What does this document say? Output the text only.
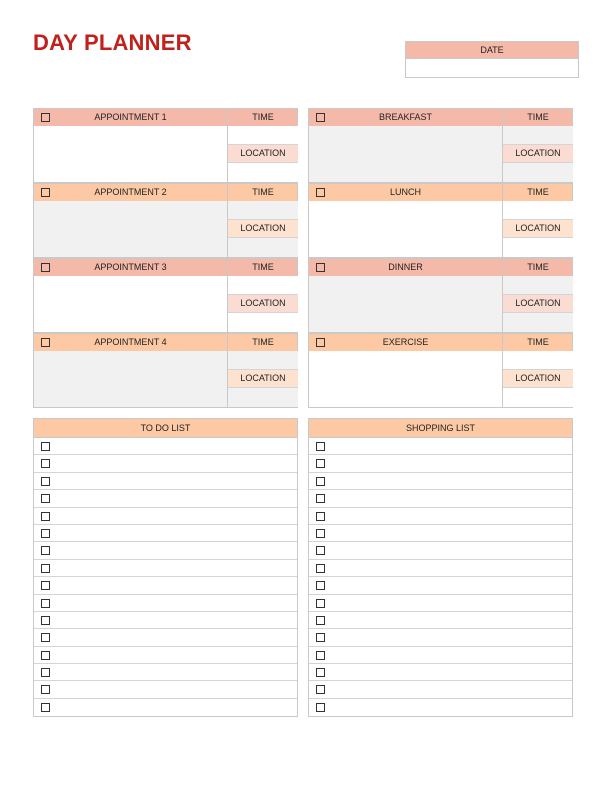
DAY PLANNER	DATE
APPOINTMENT 1	TIME
LOCATION
APPOINTMENT 2	TIME
LOCATION
APPOINTMENT 3	TIME
LOCATION
APPOINTMENT 4	TIME
LOCATION
BREAKFAST	TIME
LOCATION
LUNCH	TIME
LOCATION
DINNER	TIME
LOCATION
EXERCISE	TIME
LOCATION
TO DO LIST	SHOPPING LIST
